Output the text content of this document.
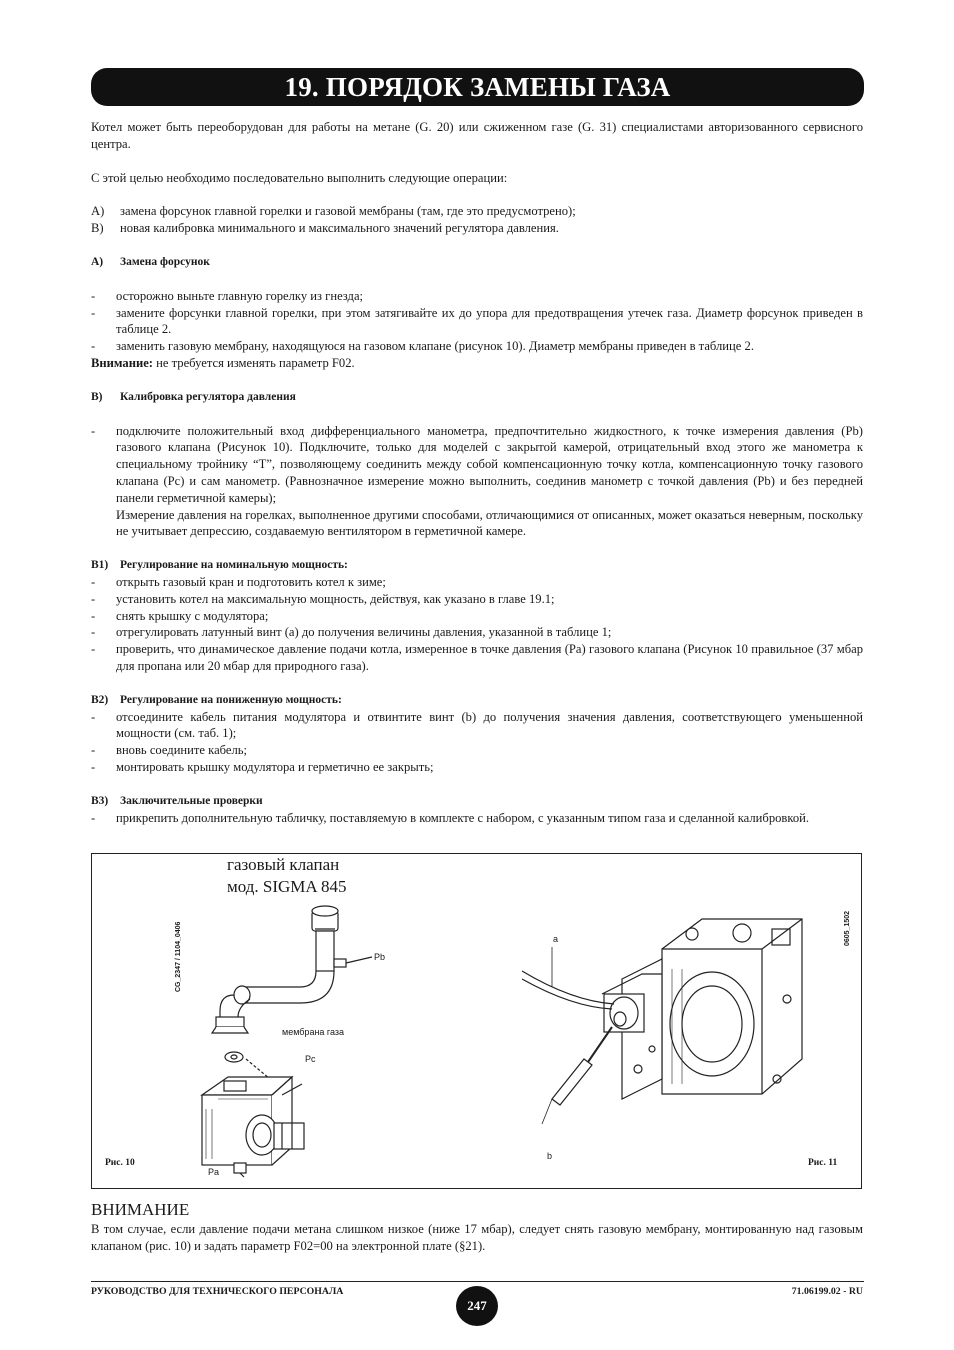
19. ПОРЯДОК ЗАМЕНЫ ГАЗА

Котел может быть переоборудован для работы на метане (G. 20) или сжиженном газе (G. 31) специалистами авторизованного сервисного центра.

С этой целью необходимо последовательно выполнить следующие операции:

A)	замена форсунок главной горелки и газовой мембраны (там, где это предусмотрено);
B)	новая калибровка минимального и максимального значений регулятора давления.
A)	Замена форсунок
-	осторожно выньте главную горелку из гнезда;
-	замените форсунки главной горелки, при этом затягивайте их до упора для предотвращения утечек газа. Диаметр форсунок приведен в таблице 2.
-	заменить газовую мембрану, находящуюся на газовом клапане (рисунок 10). Диаметр мембраны приведен в таблице 2.

Внимание: не требуется изменять параметр F02.

B)	Калибровка регулятора давления
-	подключите положительный вход дифференциального манометра, предпочтительно жидкостного, к точке измерения давления (Pb) газового клапана (Рисунок 10). Подключите, только для моделей с закрытой камерой, отрицательный вход этого же манометра к специальному тройнику “T”, позволяющему соединить между собой компенсационную точку котла, компенсационную точку газового клапана (Pc) и сам манометр. (Равнозначное измерение можно выполнить, соединив манометр с точкой давления (Pb) и без передней панели герметичной камеры);

Измерение давления на горелках, выполненное другими способами, отличающимися от описанных, может оказаться неверным, поскольку не учитывает депрессию, создаваемую вентилятором в герметичной камере.

B1)	Регулирование на номинальную мощность:
-	открыть газовый кран и подготовить котел к зиме;
-	установить котел на максимальную мощность, действуя, как указано в главе 19.1;
-	снять крышку с модулятора;
-	отрегулировать латунный винт (a) до получения величины давления, указанной в таблице 1;
-	проверить, что динамическое давление подачи котла, измеренное в точке давления (Pa) газового клапана (Рисунок 10 правильное (37 мбар для пропана или 20 мбар для природного газа).
B2)	Регулирование на пониженную мощность:
-	отсоедините кабель питания модулятора и отвинтите винт (b) до получения значения давления, соответствующего уменьшенной мощности (см. таб. 1);
-	вновь соедините кабель;
-	монтировать крышку модулятора и герметично ее закрыть;
B3)	Заключительные проверки
-	прикрепить дополнительную табличку, поставляемую в комплекте с набором, с указанным типом газа и сделанной калибровкой.
газовый клапан
мод. SIGMA 845
CG_2347 / 1104_0406	0605_1502
Pb
мембрана газа
Pc
Pa
a
b
Рис. 10	Рис. 11
ВНИМАНИЕ
В том случае, если давление подачи метана слишком низкое (ниже 17 мбар), следует снять газовую мембрану, монтированную над газовым клапаном (рис. 10) и задать параметр F02=00 на электронной плате (§21).
РУКОВОДСТВО ДЛЯ ТЕХНИЧЕСКОГО ПЕРСОНАЛА
247
71.06199.02 - RU
